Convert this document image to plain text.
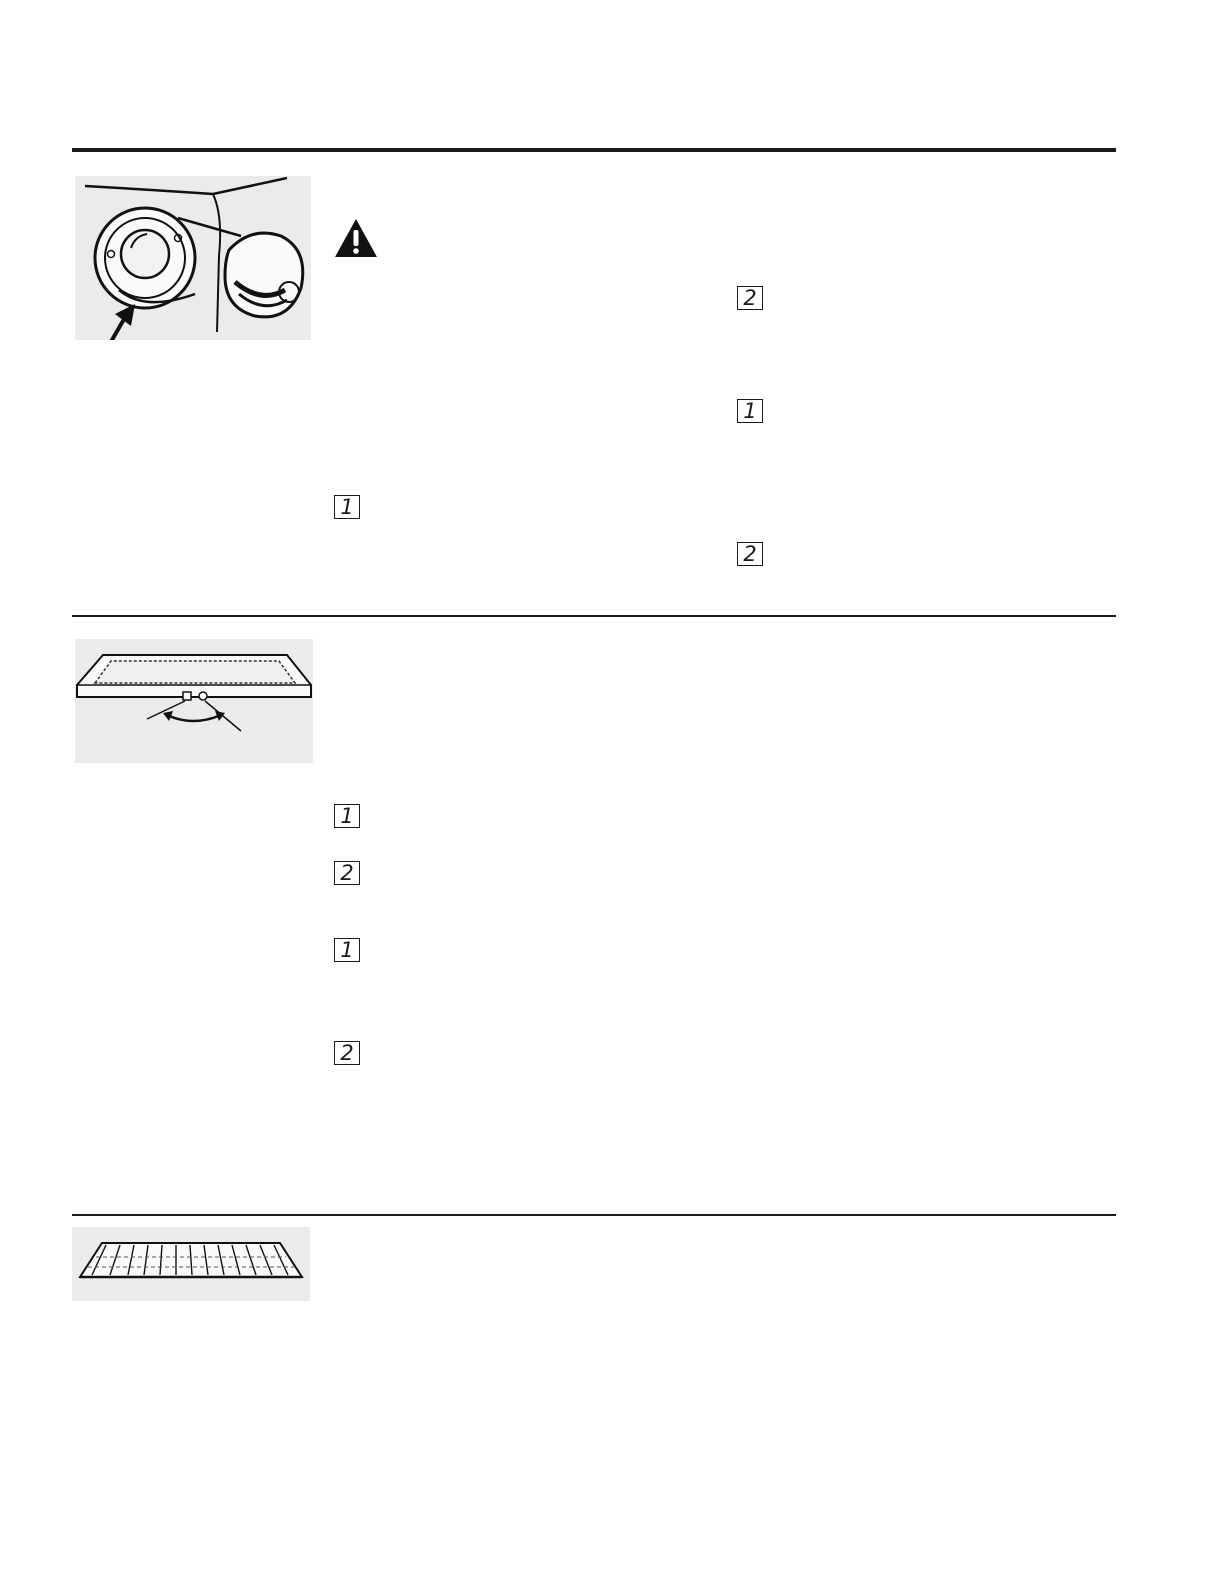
2
1
1
2
1
2
1
2
